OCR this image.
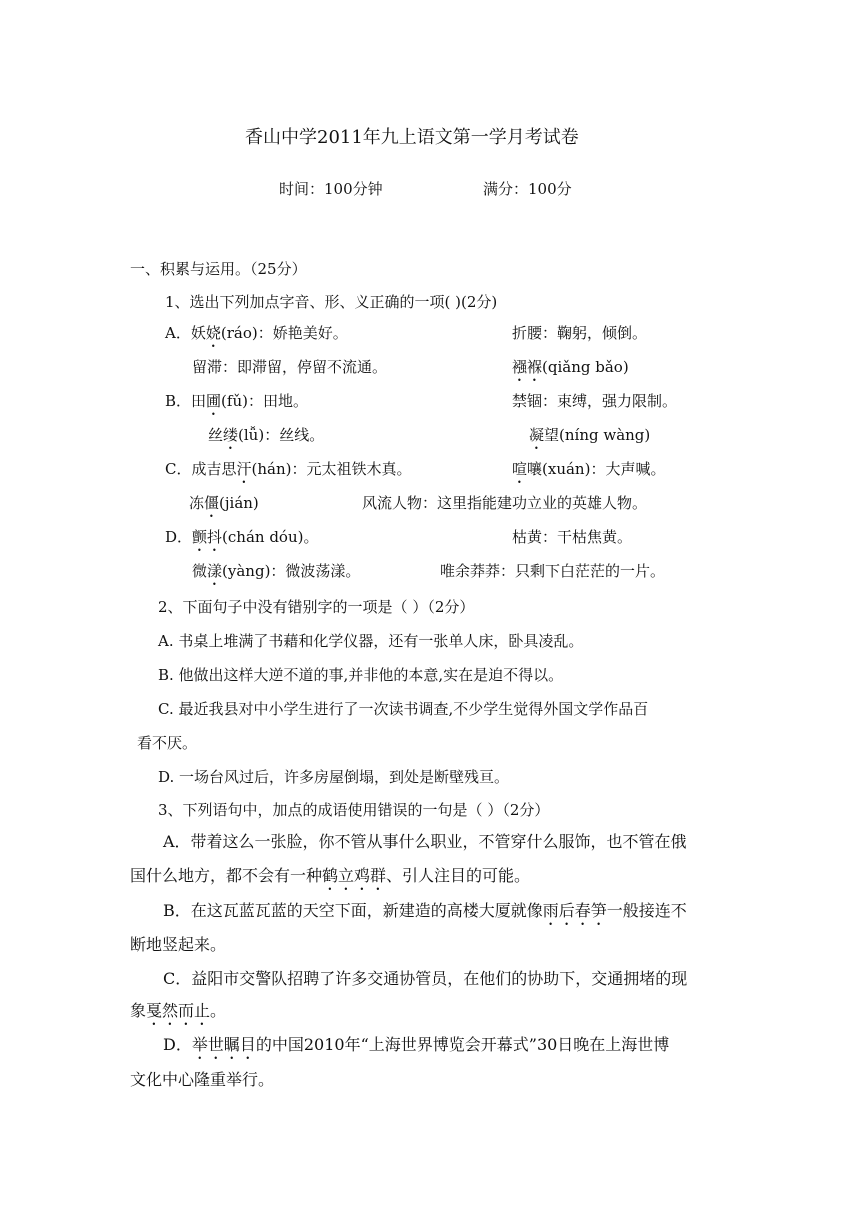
香山中学2011年九上语文第一学月考试卷
时间：100分钟	满分：100分
一、积累与运用。（25分）
1、选出下列加点字音、形、义正确的一项( )(2分)
A．妖娆(ráo)：娇艳美好。	折腰：鞠躬，倾倒。
留滞：即滞留，停留不流通。	襁褓(qiǎng bǎo)
B．田圃(fǔ)：田地。	禁锢：束缚，强力限制。
丝缕(lǚ)：丝线。	凝望(níng wàng)
C．成吉思汗(hán)：元太祖铁木真。	喧嚷(xuán)：大声喊。
冻僵(jián)	风流人物：这里指能建功立业的英雄人物。
D．颤抖(chán dóu)。	枯黄：干枯焦黄。
微漾(yàng)：微波荡漾。	唯余莽莽：只剩下白茫茫的一片。
2、下面句子中没有错别字的一项是（ ）（2分）
A. 书桌上堆满了书藉和化学仪器，还有一张单人床，卧具凌乱。
B. 他做出这样大逆不道的事,并非他的本意,实在是迫不得以。
C. 最近我县对中小学生进行了一次读书调查,不少学生觉得外国文学作品百
看不厌。
D. 一场台风过后，许多房屋倒塌，到处是断壁残亘。
3、下列语句中，加点的成语使用错误的一句是（ ）（2分）
A．带着这么一张脸，你不管从事什么职业，不管穿什么服饰，也不管在俄
国什么地方，都不会有一种鹤立鸡群、引人注目的可能。
B．在这瓦蓝瓦蓝的天空下面，新建造的高楼大厦就像雨后春笋一般接连不
断地竖起来。
C．益阳市交警队招聘了许多交通协管员，在他们的协助下，交通拥堵的现
象戛然而止。
D．举世瞩目的中国2010年“上海世界博览会开幕式”30日晚在上海世博
文化中心隆重举行。
